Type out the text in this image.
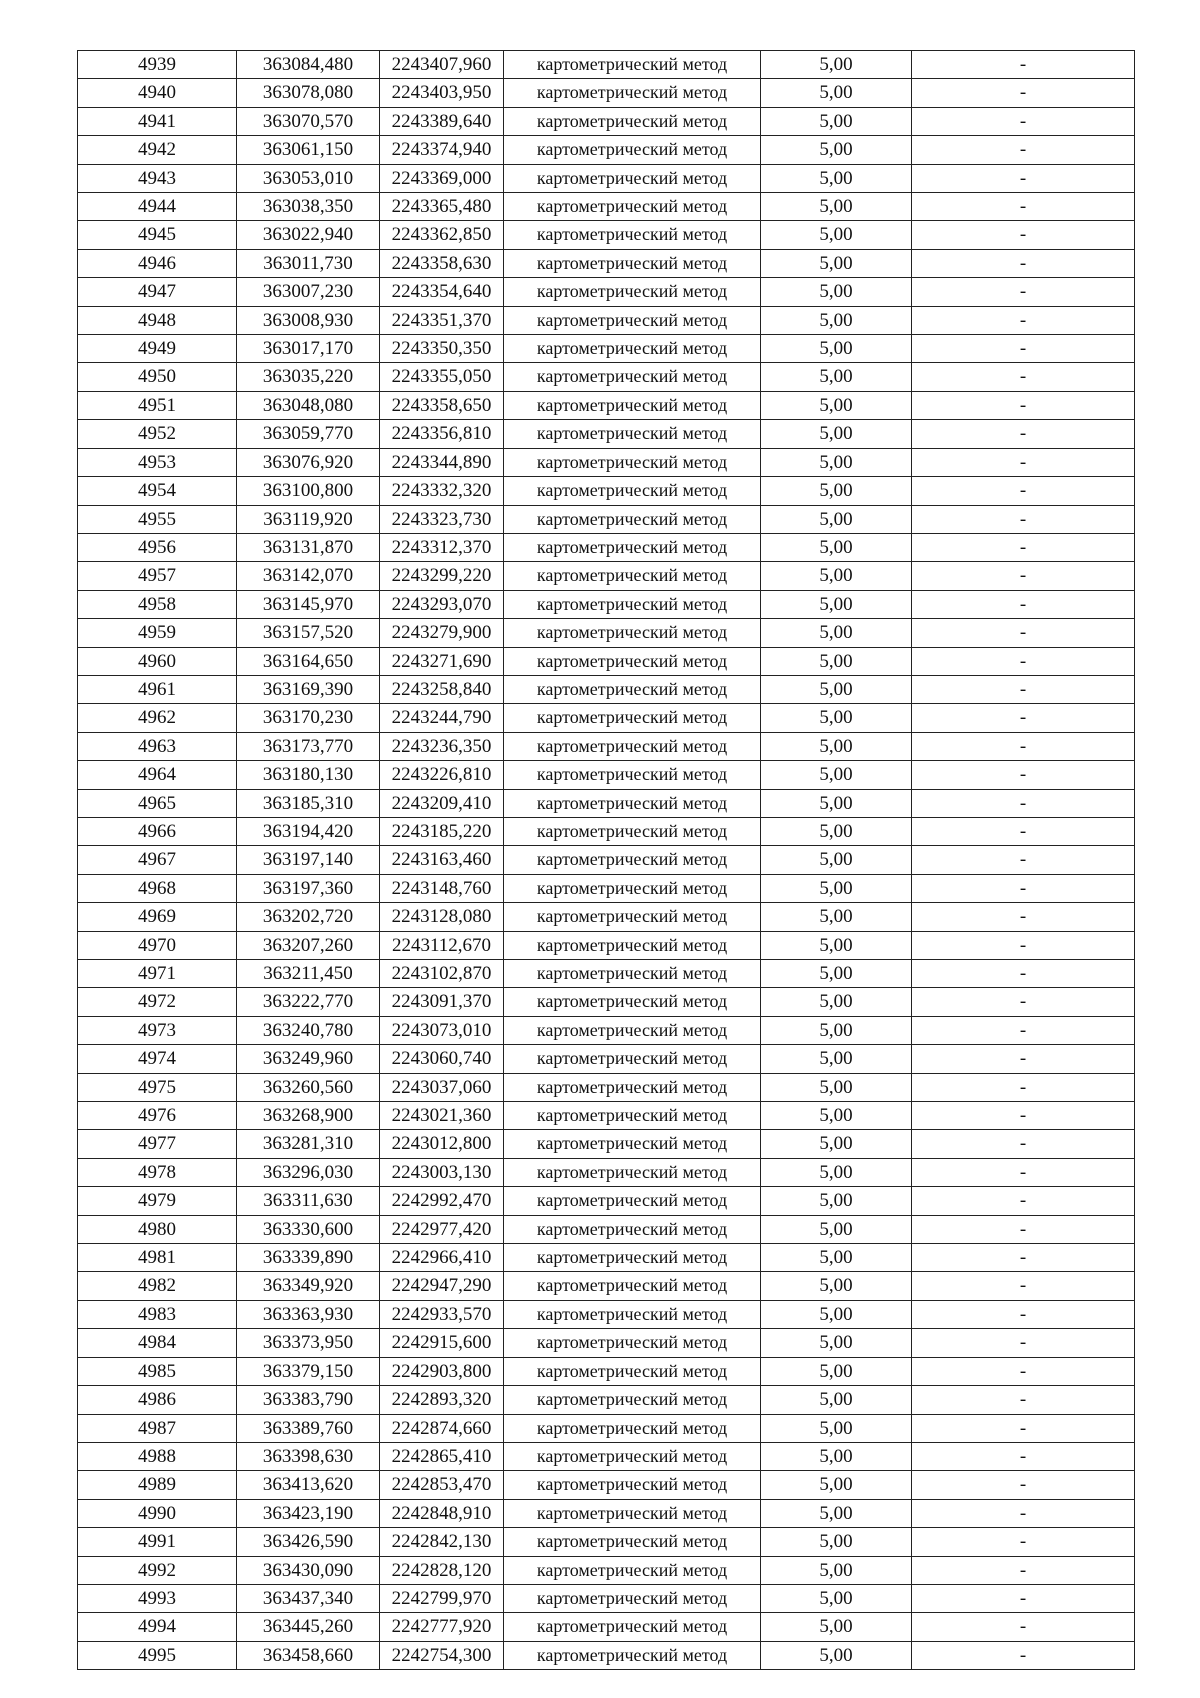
4939	363084,480	2243407,960	картометрический метод	5,00	-
4940	363078,080	2243403,950	картометрический метод	5,00	-
4941	363070,570	2243389,640	картометрический метод	5,00	-
4942	363061,150	2243374,940	картометрический метод	5,00	-
4943	363053,010	2243369,000	картометрический метод	5,00	-
4944	363038,350	2243365,480	картометрический метод	5,00	-
4945	363022,940	2243362,850	картометрический метод	5,00	-
4946	363011,730	2243358,630	картометрический метод	5,00	-
4947	363007,230	2243354,640	картометрический метод	5,00	-
4948	363008,930	2243351,370	картометрический метод	5,00	-
4949	363017,170	2243350,350	картометрический метод	5,00	-
4950	363035,220	2243355,050	картометрический метод	5,00	-
4951	363048,080	2243358,650	картометрический метод	5,00	-
4952	363059,770	2243356,810	картометрический метод	5,00	-
4953	363076,920	2243344,890	картометрический метод	5,00	-
4954	363100,800	2243332,320	картометрический метод	5,00	-
4955	363119,920	2243323,730	картометрический метод	5,00	-
4956	363131,870	2243312,370	картометрический метод	5,00	-
4957	363142,070	2243299,220	картометрический метод	5,00	-
4958	363145,970	2243293,070	картометрический метод	5,00	-
4959	363157,520	2243279,900	картометрический метод	5,00	-
4960	363164,650	2243271,690	картометрический метод	5,00	-
4961	363169,390	2243258,840	картометрический метод	5,00	-
4962	363170,230	2243244,790	картометрический метод	5,00	-
4963	363173,770	2243236,350	картометрический метод	5,00	-
4964	363180,130	2243226,810	картометрический метод	5,00	-
4965	363185,310	2243209,410	картометрический метод	5,00	-
4966	363194,420	2243185,220	картометрический метод	5,00	-
4967	363197,140	2243163,460	картометрический метод	5,00	-
4968	363197,360	2243148,760	картометрический метод	5,00	-
4969	363202,720	2243128,080	картометрический метод	5,00	-
4970	363207,260	2243112,670	картометрический метод	5,00	-
4971	363211,450	2243102,870	картометрический метод	5,00	-
4972	363222,770	2243091,370	картометрический метод	5,00	-
4973	363240,780	2243073,010	картометрический метод	5,00	-
4974	363249,960	2243060,740	картометрический метод	5,00	-
4975	363260,560	2243037,060	картометрический метод	5,00	-
4976	363268,900	2243021,360	картометрический метод	5,00	-
4977	363281,310	2243012,800	картометрический метод	5,00	-
4978	363296,030	2243003,130	картометрический метод	5,00	-
4979	363311,630	2242992,470	картометрический метод	5,00	-
4980	363330,600	2242977,420	картометрический метод	5,00	-
4981	363339,890	2242966,410	картометрический метод	5,00	-
4982	363349,920	2242947,290	картометрический метод	5,00	-
4983	363363,930	2242933,570	картометрический метод	5,00	-
4984	363373,950	2242915,600	картометрический метод	5,00	-
4985	363379,150	2242903,800	картометрический метод	5,00	-
4986	363383,790	2242893,320	картометрический метод	5,00	-
4987	363389,760	2242874,660	картометрический метод	5,00	-
4988	363398,630	2242865,410	картометрический метод	5,00	-
4989	363413,620	2242853,470	картометрический метод	5,00	-
4990	363423,190	2242848,910	картометрический метод	5,00	-
4991	363426,590	2242842,130	картометрический метод	5,00	-
4992	363430,090	2242828,120	картометрический метод	5,00	-
4993	363437,340	2242799,970	картометрический метод	5,00	-
4994	363445,260	2242777,920	картометрический метод	5,00	-
4995	363458,660	2242754,300	картометрический метод	5,00	-
